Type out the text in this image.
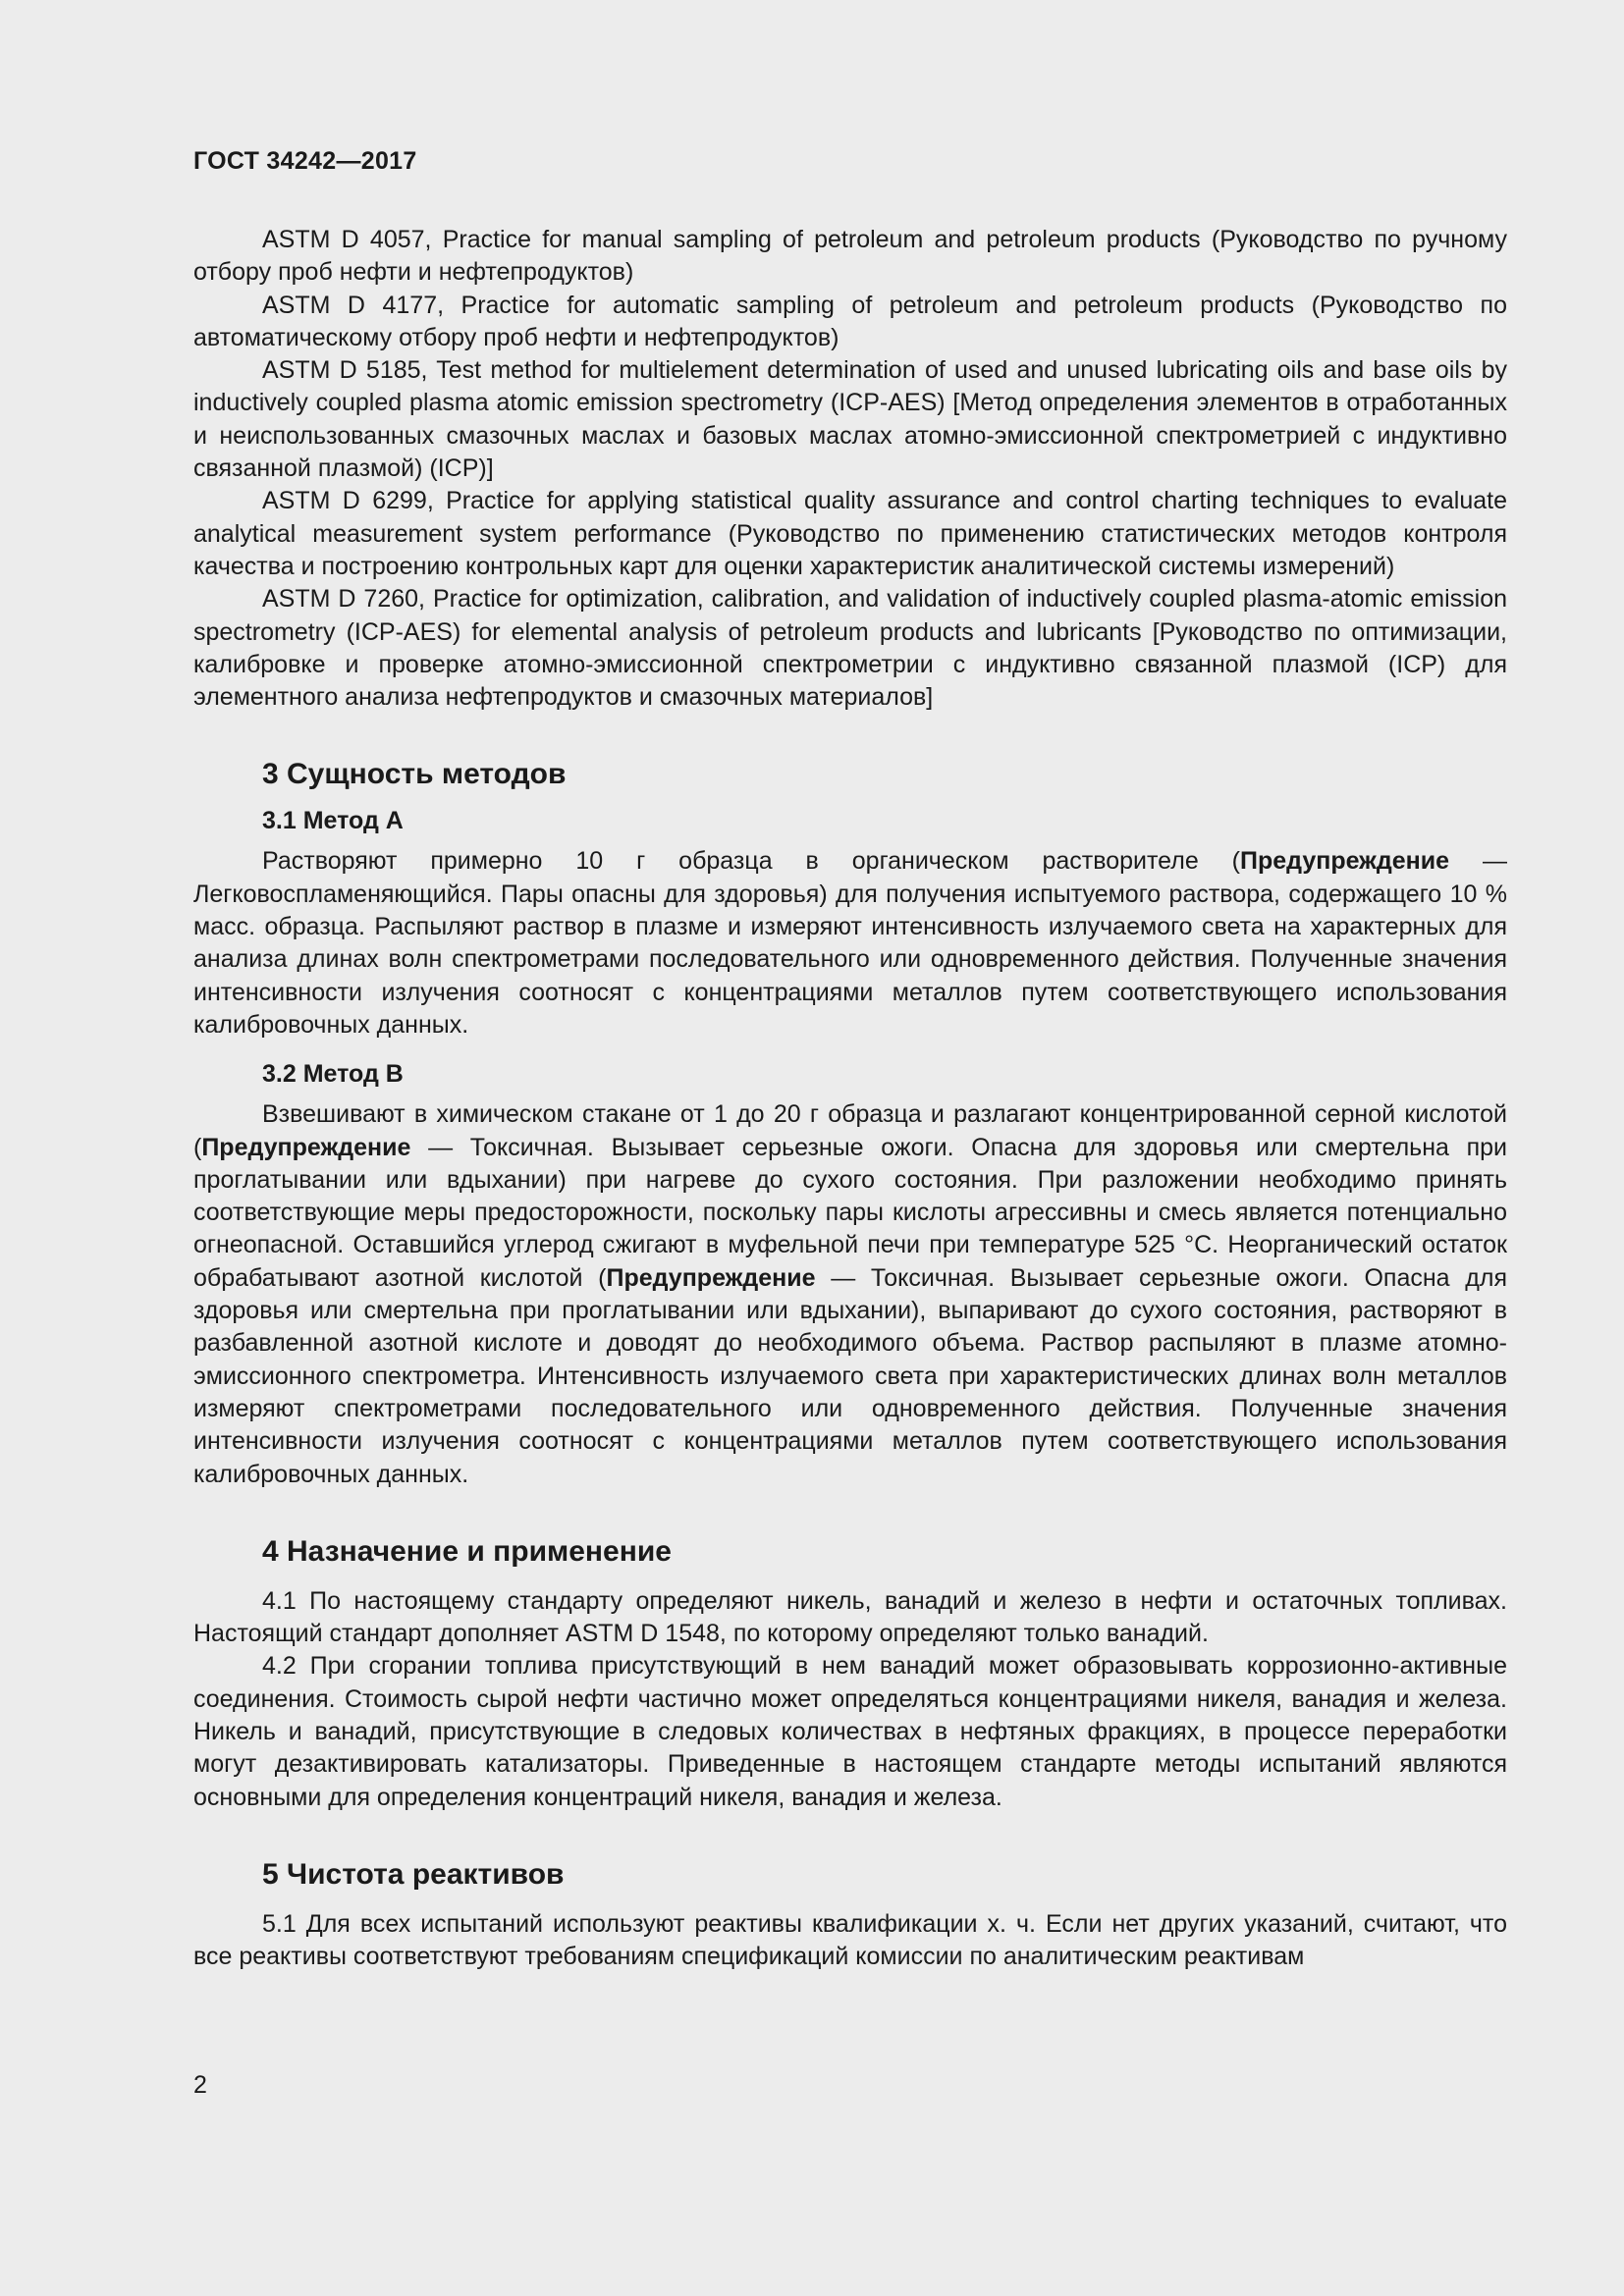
ГОСТ 34242—2017

ASTM D 4057, Practice for manual sampling of petroleum and petroleum products (Руководство по ручному отбору проб нефти и нефтепродуктов)

ASTM D 4177, Practice for automatic sampling of petroleum and petroleum products (Руководство по автоматическому отбору проб нефти и нефтепродуктов)

ASTM D 5185, Test method for multielement determination of used and unused lubricating oils and base oils by inductively coupled plasma atomic emission spectrometry (ICP-AES) [Метод определения элементов в отработанных и неиспользованных смазочных маслах и базовых маслах атомно-эмиссионной спектрометрией с индуктивно связанной плазмой) (ICP)]

ASTM D 6299, Practice for applying statistical quality assurance and control charting techniques to evaluate analytical measurement system performance (Руководство по применению статистических методов контроля качества и построению контрольных карт для оценки характеристик аналитической системы измерений)

ASTM D 7260, Practice for optimization, calibration, and validation of inductively coupled plasma-atomic emission spectrometry (ICP-AES) for elemental analysis of petroleum products and lubricants [Руководство по оптимизации, калибровке и проверке атомно-эмиссионной спектрометрии с индуктивно связанной плазмой (ICP) для элементного анализа нефтепродуктов и смазочных материалов]

3 Сущность методов
3.1 Метод А

Растворяют примерно 10 г образца в органическом растворителе (Предупреждение — Легковоспламеняющийся. Пары опасны для здоровья) для получения испытуемого раствора, содержащего 10 % масс. образца. Распыляют раствор в плазме и измеряют интенсивность излучаемого света на характерных для анализа длинах волн спектрометрами последовательного или одновременного действия. Полученные значения интенсивности излучения соотносят с концентрациями металлов путем соответствующего использования калибровочных данных.

3.2 Метод В

Взвешивают в химическом стакане от 1 до 20 г образца и разлагают концентрированной серной кислотой (Предупреждение — Токсичная. Вызывает серьезные ожоги. Опасна для здоровья или смертельна при проглатывании или вдыхании) при нагреве до сухого состояния. При разложении необходимо принять соответствующие меры предосторожности, поскольку пары кислоты агрессивны и смесь является потенциально огнеопасной. Оставшийся углерод сжигают в муфельной печи при температуре 525 °С. Неорганический остаток обрабатывают азотной кислотой (Предупреждение — Токсичная. Вызывает серьезные ожоги. Опасна для здоровья или смертельна при проглатывании или вдыхании), выпаривают до сухого состояния, растворяют в разбавленной азотной кислоте и доводят до необходимого объема. Раствор распыляют в плазме атомно-эмиссионного спектрометра. Интенсивность излучаемого света при характеристических длинах волн металлов измеряют спектрометрами последовательного или одновременного действия. Полученные значения интенсивности излучения соотносят с концентрациями металлов путем соответствующего использования калибровочных данных.

4 Назначение и применение

4.1 По настоящему стандарту определяют никель, ванадий и железо в нефти и остаточных топливах. Настоящий стандарт дополняет ASTM D 1548, по которому определяют только ванадий.

4.2 При сгорании топлива присутствующий в нем ванадий может образовывать коррозионно-активные соединения. Стоимость сырой нефти частично может определяться концентрациями никеля, ванадия и железа. Никель и ванадий, присутствующие в следовых количествах в нефтяных фракциях, в процессе переработки могут дезактивировать катализаторы. Приведенные в настоящем стандарте методы испытаний являются основными для определения концентраций никеля, ванадия и железа.

5 Чистота реактивов

5.1 Для всех испытаний используют реактивы квалификации х. ч. Если нет других указаний, считают, что все реактивы соответствуют требованиям спецификаций комиссии по аналитическим реактивам

2
